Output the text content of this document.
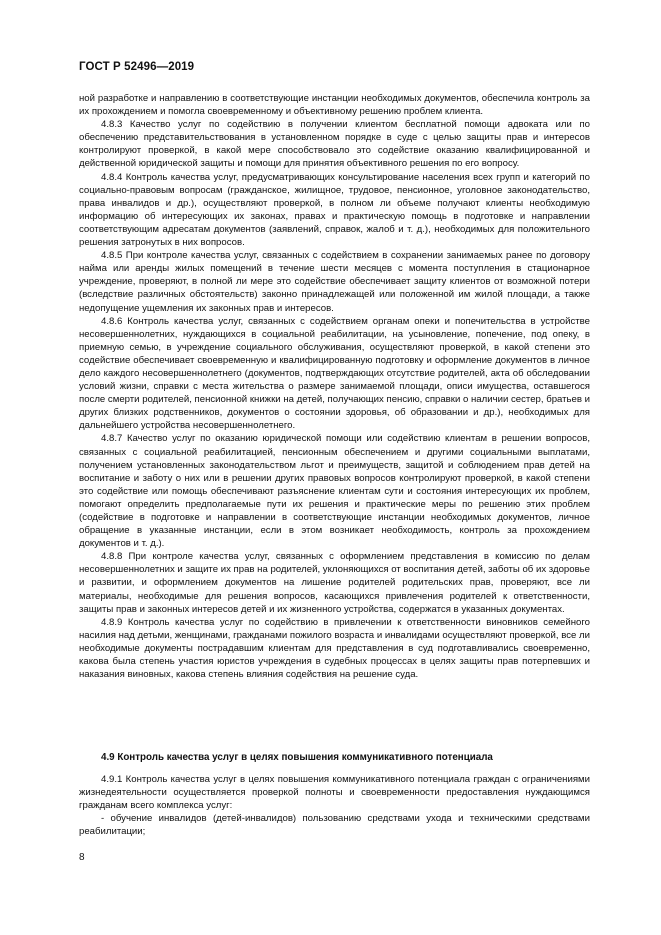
ГОСТ Р 52496—2019

ной разработке и направлению в соответствующие инстанции необходимых документов, обеспечила контроль за их прохождением и помогла своевременному и объективному решению проблем клиента.

4.8.3 Качество услуг по содействию в получении клиентом бесплатной помощи адвоката или по обеспечению представительствования в установленном порядке в суде с целью защиты прав и интересов контролируют проверкой, в какой мере способствовало это содействие оказанию квалифицированной и действенной юридической защиты и помощи для принятия объективного решения по его вопросу.

4.8.4 Контроль качества услуг, предусматривающих консультирование населения всех групп и категорий по социально-правовым вопросам (гражданское, жилищное, трудовое, пенсионное, уголовное законодательство, права инвалидов и др.), осуществляют проверкой, в полном ли объеме получают клиенты необходимую информацию об интересующих их законах, правах и практическую помощь в подготовке и направлении соответствующим адресатам документов (заявлений, справок, жалоб и т. д.), необходимых для положительного решения затронутых в них вопросов.

4.8.5 При контроле качества услуг, связанных с содействием в сохранении занимаемых ранее по договору найма или аренды жилых помещений в течение шести месяцев с момента поступления в стационарное учреждение, проверяют, в полной ли мере это содействие обеспечивает защиту клиентов от возможной потери (вследствие различных обстоятельств) законно принадлежащей или положенной им жилой площади, а также недопущение ущемления их законных прав и интересов.

4.8.6 Контроль качества услуг, связанных с содействием органам опеки и попечительства в устройстве несовершеннолетних, нуждающихся в социальной реабилитации, на усыновление, попечение, под опеку, в приемную семью, в учреждение социального обслуживания, осуществляют проверкой, в какой степени это содействие обеспечивает своевременную и квалифицированную подготовку и оформление документов в личное дело каждого несовершеннолетнего (документов, подтверждающих отсутствие родителей, акта об обследовании условий жизни, справки с места жительства о размере занимаемой площади, описи имущества, оставшегося после смерти родителей, пенсионной книжки на детей, получающих пенсию, справки о наличии сестер, братьев и других близких родственников, документов о состоянии здоровья, об образовании и др.), необходимых для дальнейшего устройства несовершеннолетнего.

4.8.7 Качество услуг по оказанию юридической помощи или содействию клиентам в решении вопросов, связанных с социальной реабилитацией, пенсионным обеспечением и другими социальными выплатами, получением установленных законодательством льгот и преимуществ, защитой и соблюдением прав детей на воспитание и заботу о них или в решении других правовых вопросов контролируют проверкой, в какой степени это содействие или помощь обеспечивают разъяснение клиентам сути и состояния интересующих их проблем, помогают определить предполагаемые пути их решения и практические меры по решению этих проблем (содействие в подготовке и направлении в соответствующие инстанции необходимых документов, личное обращение в указанные инстанции, если в этом возникает необходимость, контроль за прохождением документов и т. д.).

4.8.8 При контроле качества услуг, связанных с оформлением представления в комиссию по делам несовершеннолетних и защите их прав на родителей, уклоняющихся от воспитания детей, заботы об их здоровье и развитии, и оформлением документов на лишение родителей родительских прав, проверяют, все ли материалы, необходимые для решения вопросов, касающихся привлечения родителей к ответственности, защиты прав и законных интересов детей и их жизненного устройства, содержатся в указанных документах.

4.8.9 Контроль качества услуг по содействию в привлечении к ответственности виновников семейного насилия над детьми, женщинами, гражданами пожилого возраста и инвалидами осуществляют проверкой, все ли необходимые документы пострадавшим клиентам для представления в суд подготавливались своевременно, какова была степень участия юристов учреждения в судебных процессах в целях защиты прав потерпевших и наказания виновных, какова степень влияния содействия на решение суда.

4.9 Контроль качества услуг в целях повышения коммуникативного потенциала

4.9.1 Контроль качества услуг в целях повышения коммуникативного потенциала граждан с ограничениями жизнедеятельности осуществляется проверкой полноты и своевременности предоставления нуждающимся гражданам всего комплекса услуг:

- обучение инвалидов (детей-инвалидов) пользованию средствами ухода и техническими средствами реабилитации;

8
